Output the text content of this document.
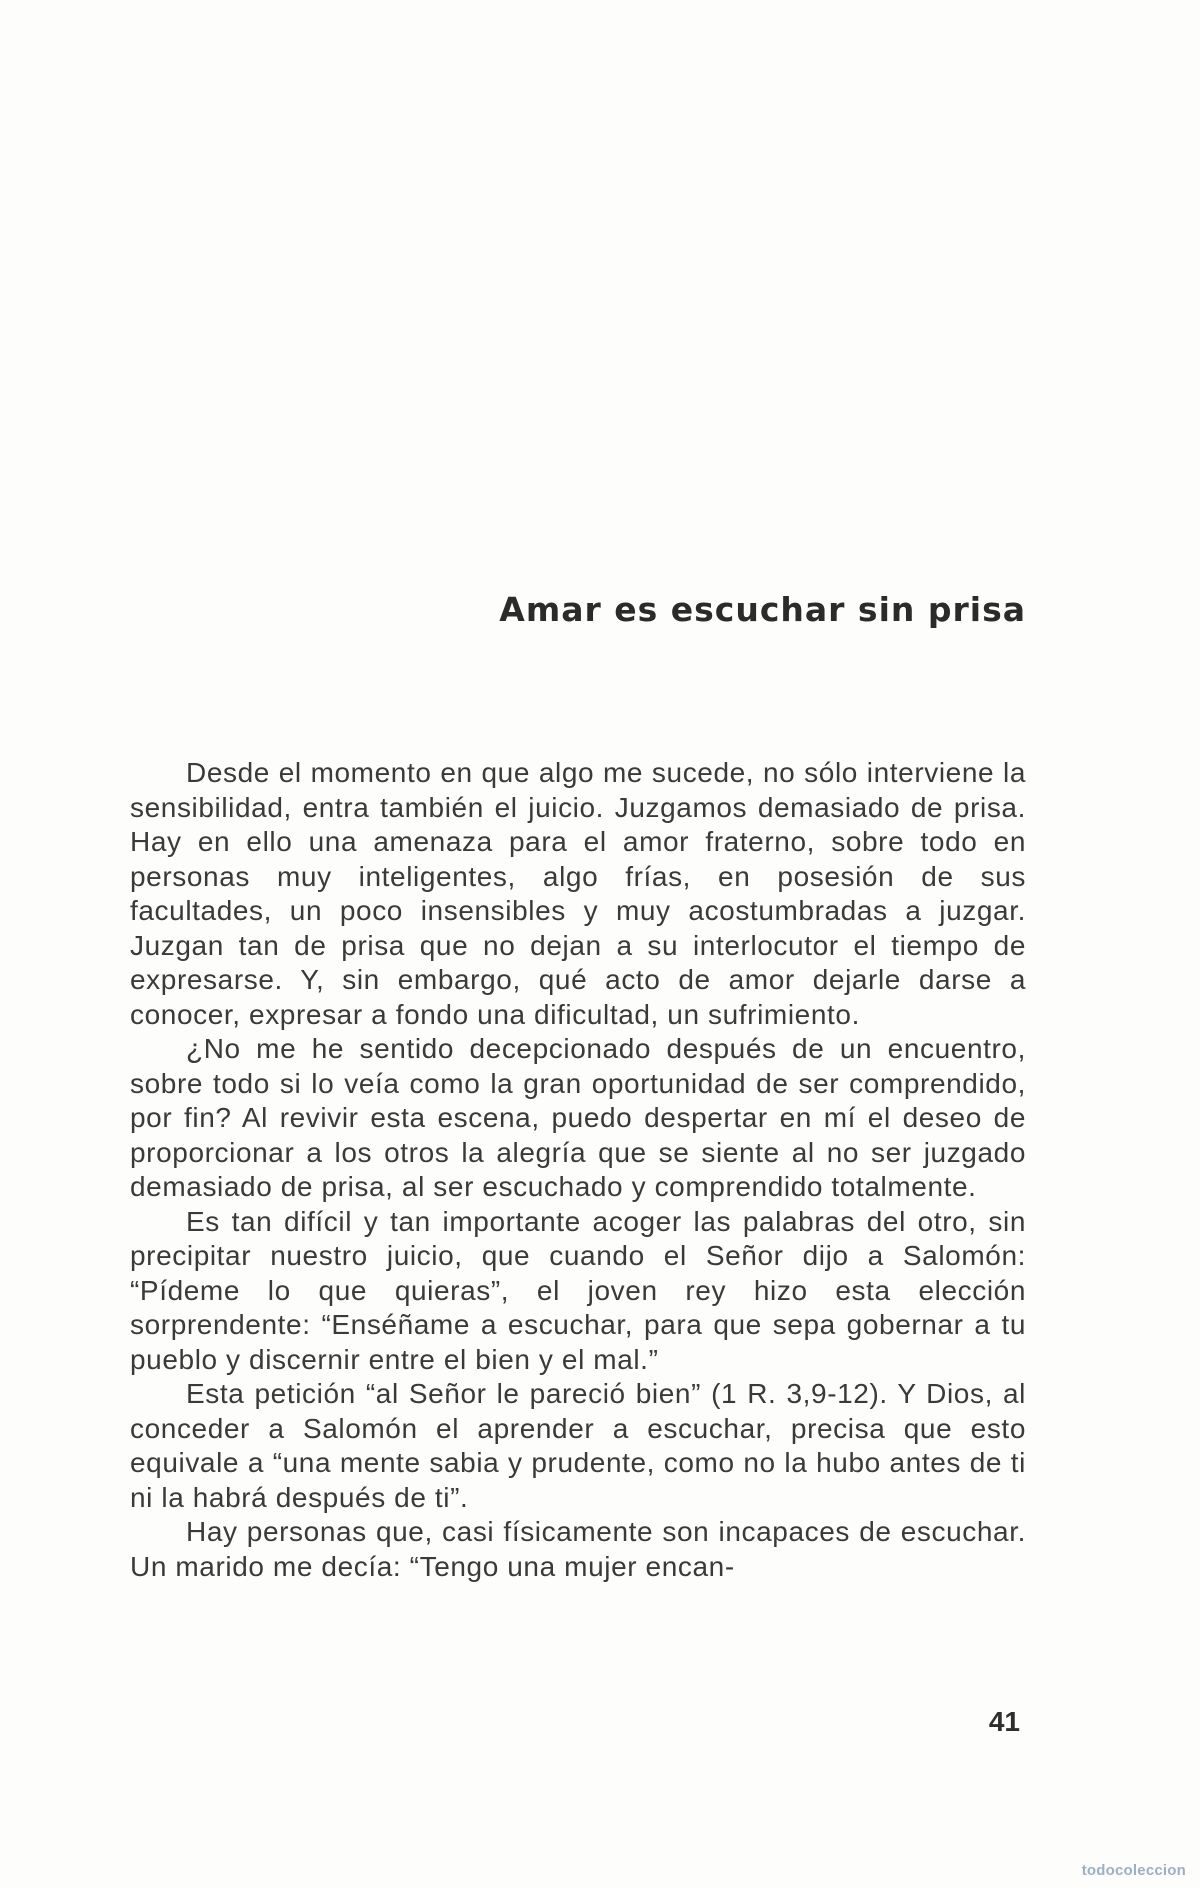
Amar es escuchar sin prisa

Desde el momento en que algo me sucede, no sólo interviene la sensibilidad, entra también el juicio. Juzgamos demasiado de prisa. Hay en ello una amenaza para el amor fraterno, sobre todo en personas muy inteligentes, algo frías, en posesión de sus facultades, un poco insensibles y muy acostumbradas a juzgar. Juzgan tan de prisa que no dejan a su interlocutor el tiempo de expresarse. Y, sin embargo, qué acto de amor dejarle darse a conocer, expresar a fondo una dificultad, un sufrimiento.

¿No me he sentido decepcionado después de un encuentro, sobre todo si lo veía como la gran oportunidad de ser comprendido, por fin? Al revivir esta escena, puedo despertar en mí el deseo de proporcionar a los otros la alegría que se siente al no ser juzgado demasiado de prisa, al ser escuchado y comprendido totalmente.

Es tan difícil y tan importante acoger las palabras del otro, sin precipitar nuestro juicio, que cuando el Señor dijo a Salomón: “Pídeme lo que quieras”, el joven rey hizo esta elección sorprendente: “Enséñame a escuchar, para que sepa gobernar a tu pueblo y discernir entre el bien y el mal.”

Esta petición “al Señor le pareció bien” (1 R. 3,9-12). Y Dios, al conceder a Salomón el aprender a escuchar, precisa que esto equivale a “una mente sabia y prudente, como no la hubo antes de ti ni la habrá después de ti”.

Hay personas que, casi físicamente son incapaces de escuchar. Un marido me decía: “Tengo una mujer encan-

41
todocoleccion
